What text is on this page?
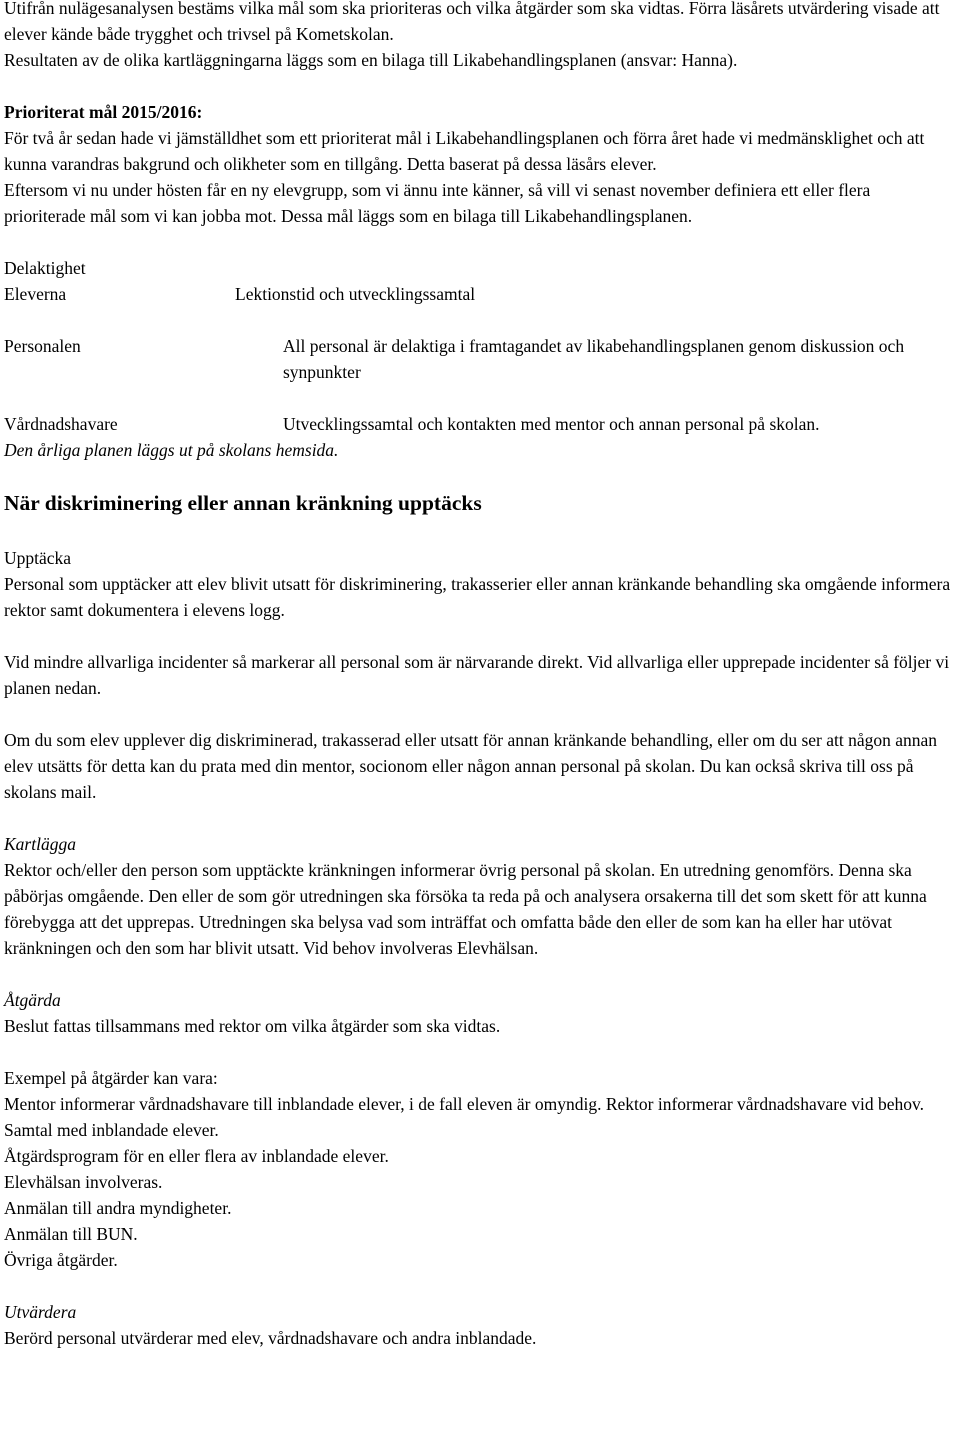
Utifrån nulägesanalysen bestäms vilka mål som ska prioriteras och vilka åtgärder som ska vidtas. Förra läsårets utvärdering visade att elever kände både trygghet och trivsel på Kometskolan.

Resultaten av de olika kartläggningarna läggs som en bilaga till Likabehandlingsplanen (ansvar: Hanna).

Prioriterat mål 2015/2016:

För två år sedan hade vi jämställdhet som ett prioriterat mål i Likabehandlingsplanen och förra året hade vi medmänsklighet och att kunna varandras bakgrund och olikheter som en tillgång. Detta baserat på dessa läsårs elever.

Eftersom vi nu under hösten får en ny elevgrupp, som vi ännu inte känner, så vill vi senast november definiera ett eller flera prioriterade mål som vi kan jobba mot. Dessa mål läggs som en bilaga till Likabehandlingsplanen.

Delaktighet

Eleverna	Lektionstid och utvecklingssamtal
Personalen	All personal är delaktiga i framtagandet av likabehandlingsplanen genom diskussion och synpunkter
Vårdnadshavare	Utvecklingssamtal och kontakten med mentor och annan personal på skolan.

Den årliga planen läggs ut på skolans hemsida.

När diskriminering eller annan kränkning upptäcks

Upptäcka

Personal som upptäcker att elev blivit utsatt för diskriminering, trakasserier eller annan kränkande behandling ska omgående informera rektor samt dokumentera i elevens logg.

Vid mindre allvarliga incidenter så markerar all personal som är närvarande direkt. Vid allvarliga eller upprepade incidenter så följer vi planen nedan.

Om du som elev upplever dig diskriminerad, trakasserad eller utsatt för annan kränkande behandling, eller om du ser att någon annan elev utsätts för detta kan du prata med din mentor, socionom eller någon annan personal på skolan. Du kan också skriva till oss på skolans mail.

Kartlägga

Rektor och/eller den person som upptäckte kränkningen informerar övrig personal på skolan. En utredning genomförs. Denna ska påbörjas omgående. Den eller de som gör utredningen ska försöka ta reda på och analysera orsakerna till det som skett för att kunna förebygga att det upprepas. Utredningen ska belysa vad som inträffat och omfatta både den eller de som kan ha eller har utövat kränkningen och den som har blivit utsatt. Vid behov involveras Elevhälsan.

Åtgärda

Beslut fattas tillsammans med rektor om vilka åtgärder som ska vidtas.

Exempel på åtgärder kan vara:

Mentor informerar vårdnadshavare till inblandade elever, i de fall eleven är omyndig. Rektor informerar vårdnadshavare vid behov.

Samtal med inblandade elever.

Åtgärdsprogram för en eller flera av inblandade elever.

Elevhälsan involveras.

Anmälan till andra myndigheter.

Anmälan till BUN.

Övriga åtgärder.

Utvärdera

Berörd personal utvärderar med elev, vårdnadshavare och andra inblandade.
